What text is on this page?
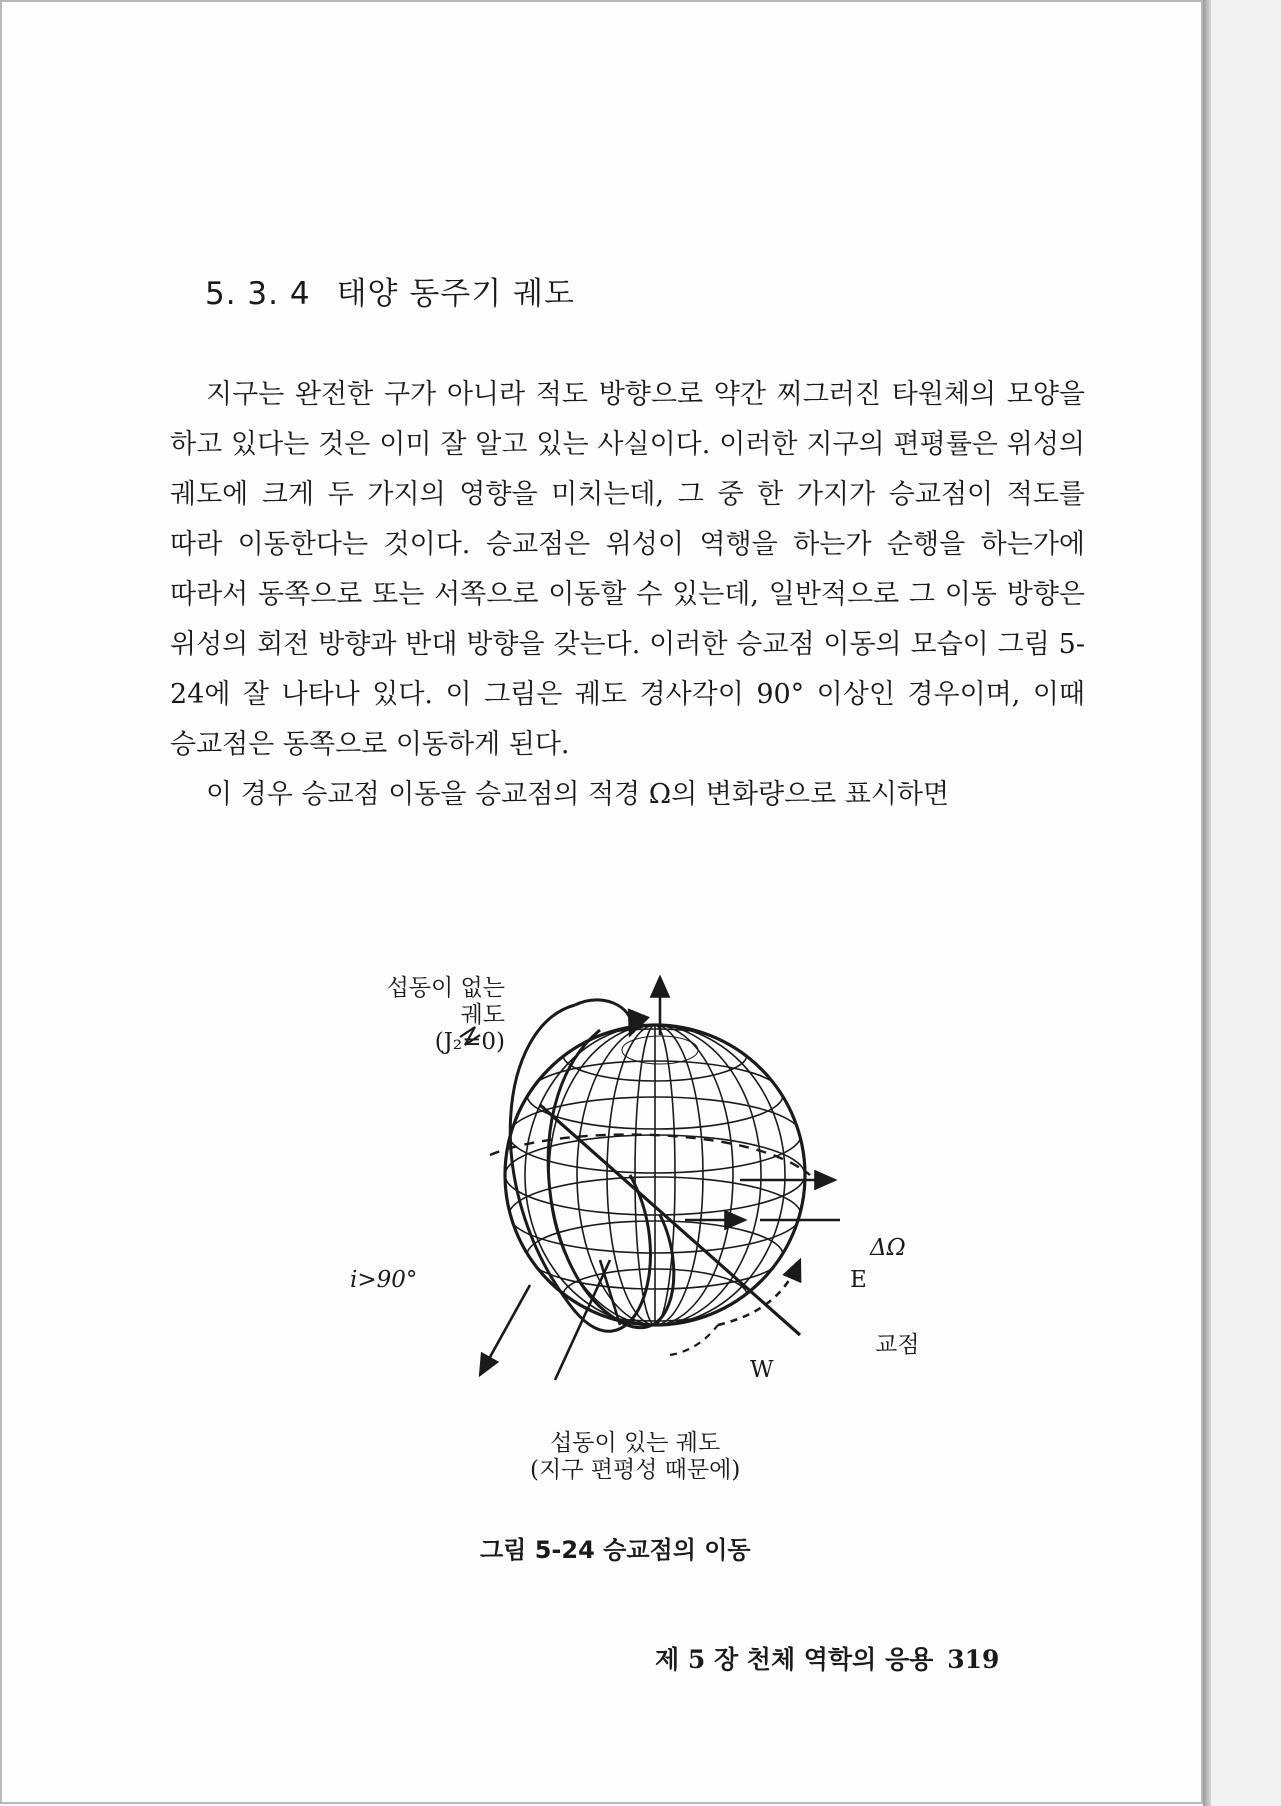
5. 3. 4 태양 동주기 궤도

지구는 완전한 구가 아니라 적도 방향으로 약간 찌그러진 타원체의 모양을 하고 있다는 것은 이미 잘 알고 있는 사실이다. 이러한 지구의 편평률은 위성의 궤도에 크게 두 가지의 영향을 미치는데, 그 중 한 가지가 승교점이 적도를 따라 이동한다는 것이다. 승교점은 위성이 역행을 하는가 순행을 하는가에 따라서 동쪽으로 또는 서쪽으로 이동할 수 있는데, 일반적으로 그 이동 방향은 위성의 회전 방향과 반대 방향을 갖는다. 이러한 승교점 이동의 모습이 그림 5-24에 잘 나타나 있다. 이 그림은 궤도 경사각이 90° 이상인 경우이며, 이때 승교점은 동쪽으로 이동하게 된다.

이 경우 승교점 이동을 승교점의 적경 Ω의 변화량으로 표시하면

섭동이 없는
궤도
(J₂=0)
ΔΩ
E
W
교점
i>90°
섭동이 있는 궤도
(지구 편평성 때문에)
그림 5-24 승교점의 이동
제 5 장 천체 역학의 응용 319
